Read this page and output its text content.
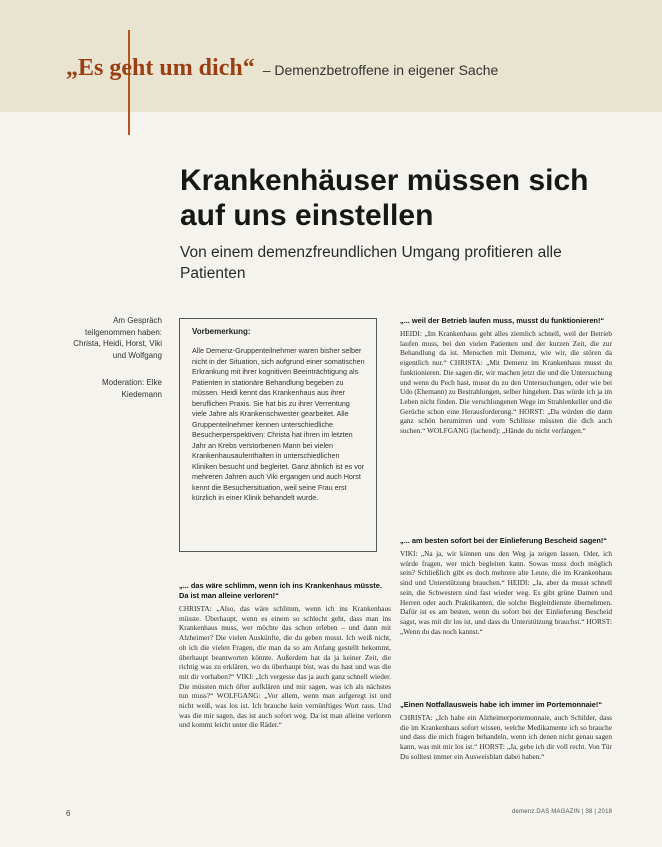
„Es geht um dich“ – Demenzbetroffene in eigener Sache
Krankenhäuser müssen sich auf uns einstellen

Von einem demenzfreundlichen Umgang profitieren alle Patienten

Am Gespräch teilgenommen haben: Christa, Heidi, Horst, Viki und Wolfgang
Moderation: Elke Kiedemann

Vorbemerkung:

Alle Demenz-Gruppenteilnehmer waren bisher selber nicht in der Situation, sich aufgrund einer somatischen Erkrankung mit ihrer kognitiven Beeinträchtigung als Patienten in stationäre Behandlung begeben zu müssen. Heidi kennt das Krankenhaus aus ihrer beruflichen Praxis. Sie hat bis zu ihrer Verrentung viele Jahre als Krankenschwester gearbeitet. Alle Gruppenteilnehmer kennen unterschiedliche Besucherperspektiven: Christa hat ihren im letzten Jahr an Krebs verstorbenen Mann bei vielen Krankenhausaufenthalten in unterschiedlichen Kliniken besucht und begleitet. Ganz ähnlich ist es vor mehreren Jahren auch Viki ergangen und auch Horst kennt die Besuchersituation, weil seine Frau erst kürzlich in einer Klinik behandelt wurde.

„... das wäre schlimm, wenn ich ins Krankenhaus müsste. Da ist man alleine verloren!“

CHRISTA: „Also, das wäre schlimm, wenn ich ins Krankenhaus müsste. Überhaupt, wenn es einem so schlecht geht, dass man ins Krankenhaus muss, wer möchte das schon erleben – und dann mit Alzheimer? Die vielen Auskünfte, die du geben musst. Ich weiß nicht, ob ich die vielen Fragen, die man da so am Anfang gestellt bekommt, überhaupt beantworten könnte. Außerdem hat da ja keiner Zeit, die richtig was zu erklären, wo du überhaupt bist, was du hast und was die mit dir vorhaben?“ VIKI: „Ich vergesse das ja auch ganz schnell wieder. Die müssten mich öfter aufklären und mir sagen, was ich als nächstes tun muss?“ WOLFGANG: „Vor allem, wenn man aufgeregt ist und nicht weiß, was los ist. Ich brauche kein vernünftiges Wort raus. Und was die mir sagen, das ist auch sofort weg. Da ist man alleine verloren und kommt leicht unter die Räder.“

„... weil der Betrieb laufen muss, musst du funktionieren!“

HEIDI: „Im Krankenhaus geht alles ziemlich schnell, weil der Betrieb laufen muss, bei den vielen Patienten und der kurzen Zeit, die zur Behandlung da ist. Menschen mit Demenz, wie wir, die stören da eigentlich nur.“ CHRISTA: „Mit Demenz im Krankenhaus musst du funktionieren. Die sagen dir, wir machen jetzt die und die Untersuchung und wenn du Pech hast, musst du zu den Untersuchungen, oder wie bei Udo (Ehemann) zu Bestrahlungen, selber hingehen. Das würde ich ja im Leben nicht finden. Die verschlungenen Wege im Strahlenkeller und die Gerüche schon eine Herausforderung.“ HORST: „Da würden die dann ganz schön herumirren und vom Schlüsse müssten die dich auch suchen.“ WOLFGANG (lachend): „Hände du nicht verfangen.“

„... am besten sofort bei der Einlieferung Bescheid sagen!“

VIKI: „Na ja, wir können uns den Weg ja zeigen lassen. Oder, ich würde fragen, wer mich begleiten kann. Sowas muss doch möglich sein? Schließlich gibt es doch mehrere alte Leute, die im Krankenhaus sind und Unterstützung brauchen.“ HEIDI: „Ja, aber da musst schnell sein, die Schwestern sind fast wieder weg. Es gibt grüne Damen und Herren oder auch Praktikanten, die solche Begleitdienste übernehmen. Dafür ist es am besten, wenn du sofort bei der Einlieferung Bescheid sagst, was mit dir los ist, und dass du Unterstützung brauchst.“ HORST: „Wenn du das noch kannst.“

„Einen Notfallausweis habe ich immer im Portemonnaie!“

CHRISTA: „Ich habe ein Alzheimerportemonnaie, auch Schilder, dass die im Krankenhaus sofort wissen, welche Medikamente ich so brauche und dass die mich fragen behandeln, wenn ich denen nicht genau sagen kann, was mit mir los ist.“ HORST: „Ja, gebe ich dir voll recht. Von Tür Du solltest immer ein Ausweisblatt dabei haben.“

6	demenz.DAS MAGAZIN | 38 | 2018
